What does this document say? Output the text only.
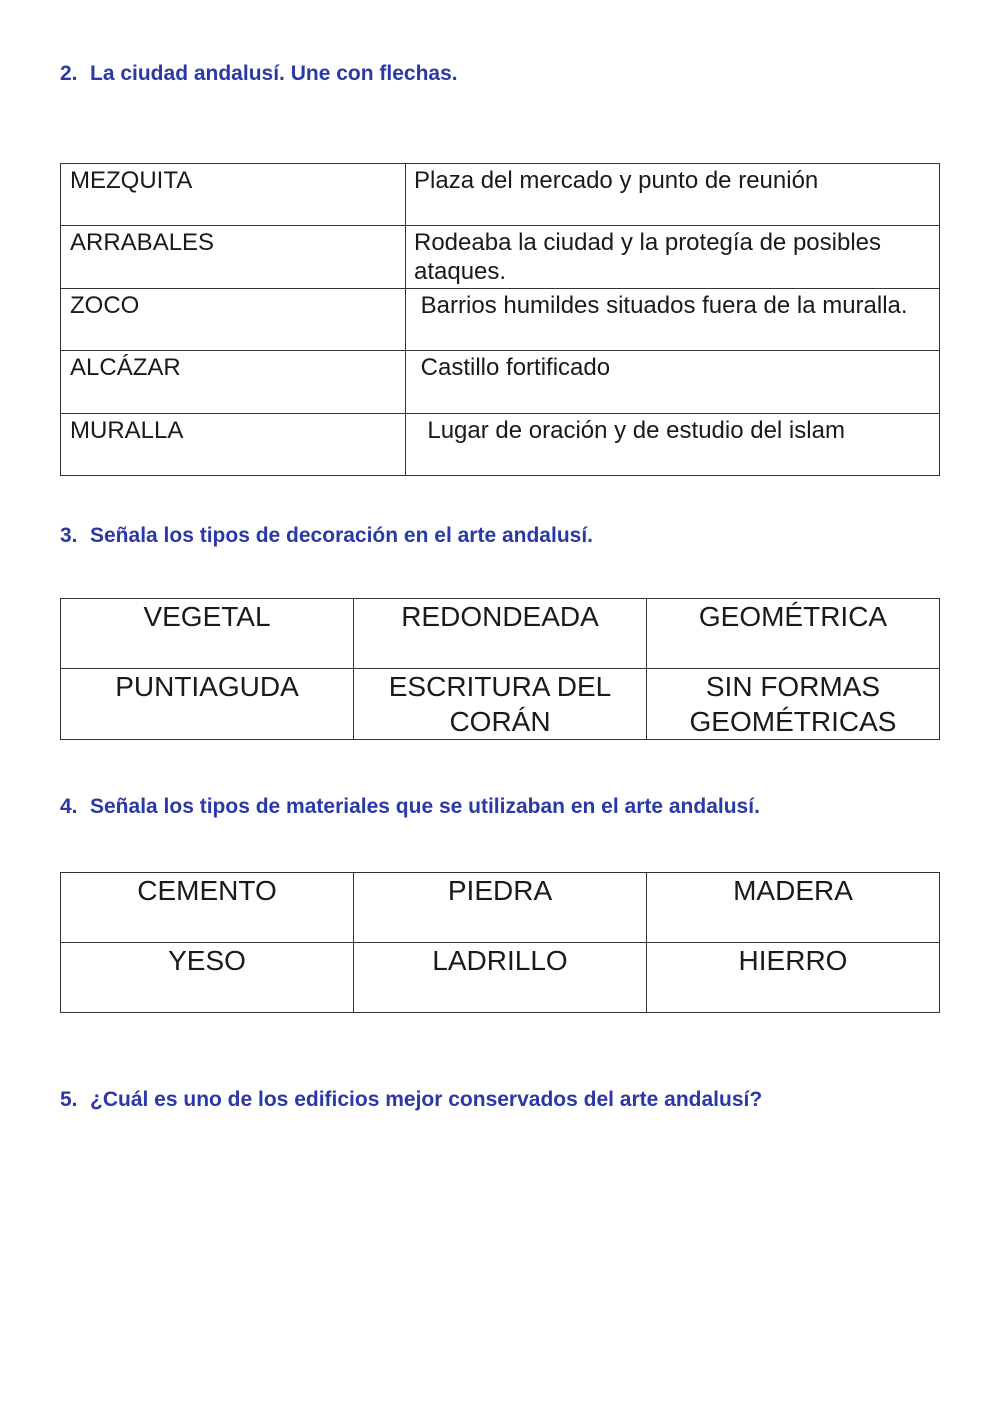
2. La ciudad andalusí. Une con flechas.
MEZQUITA	Plaza del mercado y punto de reunión
ARRABALES	Rodeaba la ciudad y la protegía de posibles ataques.
ZOCO	Barrios humildes situados fuera de la muralla.
ALCÁZAR	Castillo fortificado
MURALLA	Lugar de oración y de estudio del islam
3. Señala los tipos de decoración en el arte andalusí.
VEGETAL	REDONDEADA	GEOMÉTRICA
PUNTIAGUDA	ESCRITURA DEL CORÁN	SIN FORMAS GEOMÉTRICAS
4. Señala los tipos de materiales que se utilizaban en el arte andalusí.
CEMENTO	PIEDRA	MADERA
YESO	LADRILLO	HIERRO
5. ¿Cuál es uno de los edificios mejor conservados del arte andalusí?
